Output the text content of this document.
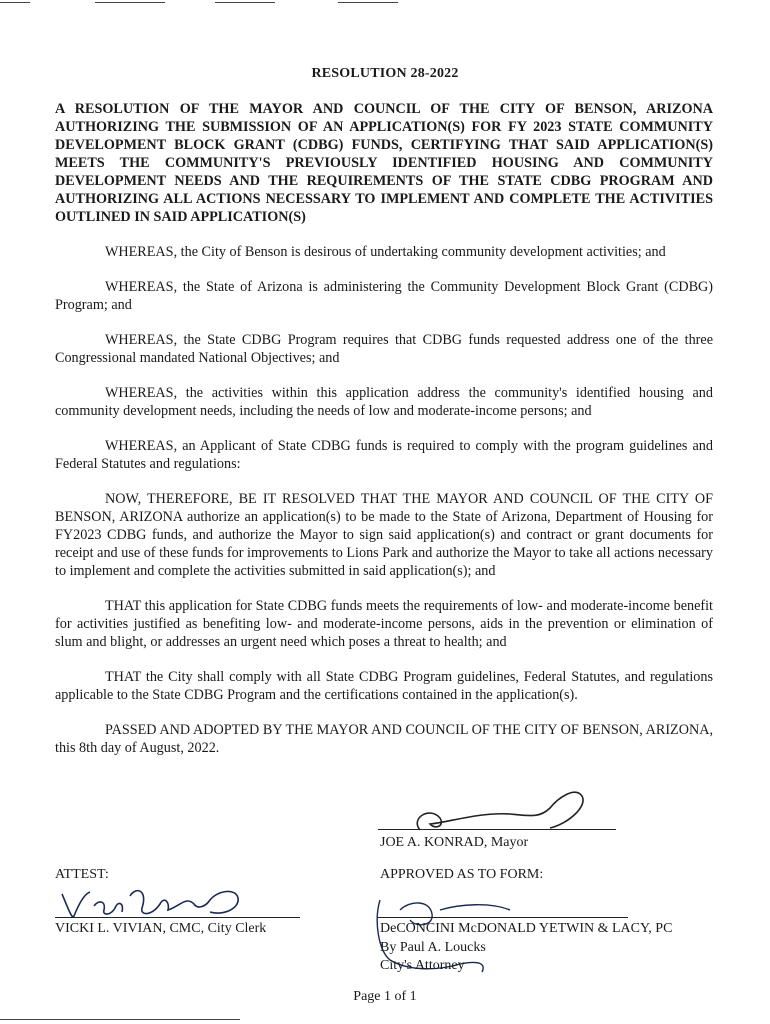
RESOLUTION 28-2022
A RESOLUTION OF THE MAYOR AND COUNCIL OF THE CITY OF BENSON, ARIZONA AUTHORIZING THE SUBMISSION OF AN APPLICATION(S) FOR FY 2023 STATE COMMUNITY DEVELOPMENT BLOCK GRANT (CDBG) FUNDS, CERTIFYING THAT SAID APPLICATION(S) MEETS THE COMMUNITY'S PREVIOUSLY IDENTIFIED HOUSING AND COMMUNITY DEVELOPMENT NEEDS AND THE REQUIREMENTS OF THE STATE CDBG PROGRAM AND AUTHORIZING ALL ACTIONS NECESSARY TO IMPLEMENT AND COMPLETE THE ACTIVITIES OUTLINED IN SAID APPLICATION(S)

WHEREAS, the City of Benson is desirous of undertaking community development activities; and

WHEREAS, the State of Arizona is administering the Community Development Block Grant (CDBG) Program; and

WHEREAS, the State CDBG Program requires that CDBG funds requested address one of the three Congressional mandated National Objectives; and

WHEREAS, the activities within this application address the community's identified housing and community development needs, including the needs of low and moderate-income persons; and

WHEREAS, an Applicant of State CDBG funds is required to comply with the program guidelines and Federal Statutes and regulations:

NOW, THEREFORE, BE IT RESOLVED THAT THE MAYOR AND COUNCIL OF THE CITY OF BENSON, ARIZONA authorize an application(s) to be made to the State of Arizona, Department of Housing for FY2023 CDBG funds, and authorize the Mayor to sign said application(s) and contract or grant documents for receipt and use of these funds for improvements to Lions Park and authorize the Mayor to take all actions necessary to implement and complete the activities submitted in said application(s); and

THAT this application for State CDBG funds meets the requirements of low- and moderate-income benefit for activities justified as benefiting low- and moderate-income persons, aids in the prevention or elimination of slum and blight, or addresses an urgent need which poses a threat to health; and

THAT the City shall comply with all State CDBG Program guidelines, Federal Statutes, and regulations applicable to the State CDBG Program and the certifications contained in the application(s).

PASSED AND ADOPTED BY THE MAYOR AND COUNCIL OF THE CITY OF BENSON, ARIZONA, this 8th day of August, 2022.

JOE A. KONRAD, Mayor
ATTEST:
VICKI L. VIVIAN, CMC, City Clerk
APPROVED AS TO FORM:
DeCONCINI McDONALD YETWIN & LACY, PC
By Paul A. Loucks
City's Attorney
Page 1 of 1
